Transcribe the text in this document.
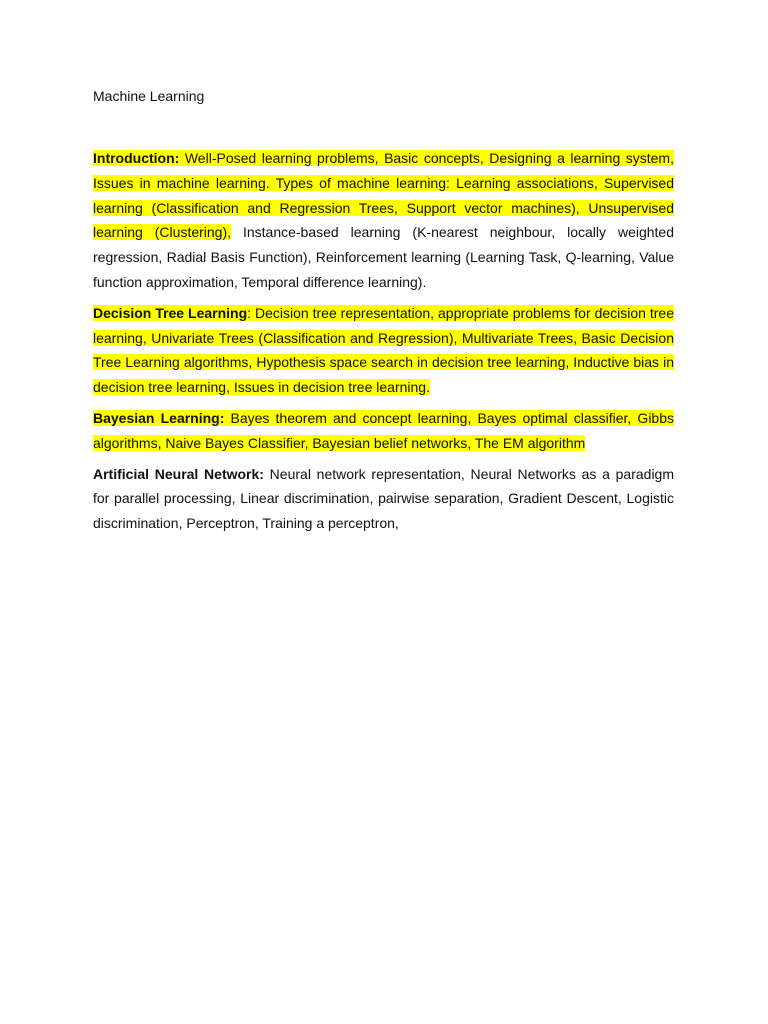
Machine Learning

Introduction: Well-Posed learning problems, Basic concepts, Designing a learning system, Issues in machine learning. Types of machine learning: Learning associations, Supervised learning (Classification and Regression Trees, Support vector machines), Unsupervised learning (Clustering), Instance-based learning (K-nearest neighbour, locally weighted regression, Radial Basis Function), Reinforcement learning (Learning Task, Q-learning, Value function approximation, Temporal difference learning).

Decision Tree Learning: Decision tree representation, appropriate problems for decision tree learning, Univariate Trees (Classification and Regression), Multivariate Trees, Basic Decision Tree Learning algorithms, Hypothesis space search in decision tree learning, Inductive bias in decision tree learning, Issues in decision tree learning.

Bayesian Learning: Bayes theorem and concept learning, Bayes optimal classifier, Gibbs algorithms, Naive Bayes Classifier, Bayesian belief networks, The EM algorithm

Artificial Neural Network: Neural network representation, Neural Networks as a paradigm for parallel processing, Linear discrimination, pairwise separation, Gradient Descent, Logistic discrimination, Perceptron, Training a perceptron,
